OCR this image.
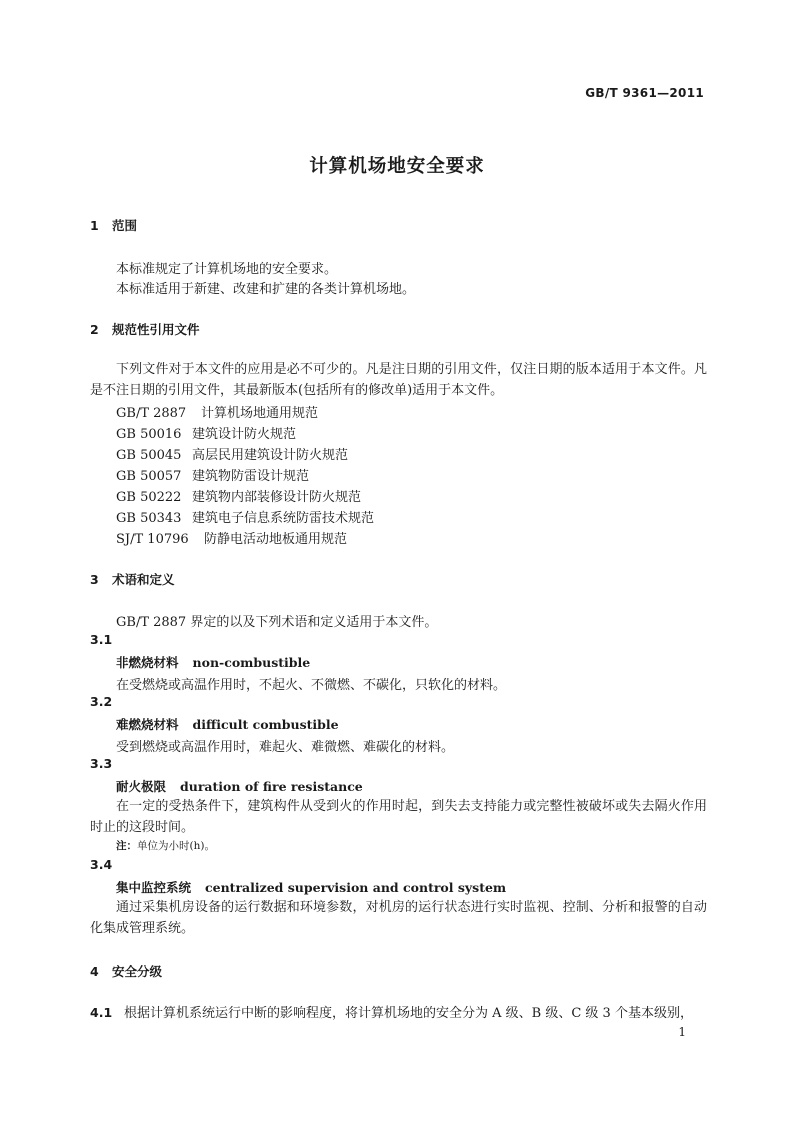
GB/T 9361—2011
计算机场地安全要求
1 范围
本标准规定了计算机场地的安全要求。
本标准适用于新建、改建和扩建的各类计算机场地。
2 规范性引用文件
下列文件对于本文件的应用是必不可少的。凡是注日期的引用文件，仅注日期的版本适用于本文件。凡是不注日期的引用文件，其最新版本(包括所有的修改单)适用于本文件。
GB/T 2887 计算机场地通用规范
GB 50016 建筑设计防火规范
GB 50045 高层民用建筑设计防火规范
GB 50057 建筑物防雷设计规范
GB 50222 建筑物内部装修设计防火规范
GB 50343 建筑电子信息系统防雷技术规范
SJ/T 10796 防静电活动地板通用规范
3 术语和定义
GB/T 2887 界定的以及下列术语和定义适用于本文件。
3.1
非燃烧材料 non-combustible
在受燃烧或高温作用时，不起火、不微燃、不碳化，只软化的材料。
3.2
难燃烧材料 difficult combustible
受到燃烧或高温作用时，难起火、难微燃、难碳化的材料。
3.3
耐火极限 duration of fire resistance
在一定的受热条件下，建筑构件从受到火的作用时起，到失去支持能力或完整性被破坏或失去隔火作用时止的这段时间。
注：单位为小时(h)。
3.4
集中监控系统 centralized supervision and control system
通过采集机房设备的运行数据和环境参数，对机房的运行状态进行实时监视、控制、分析和报警的自动化集成管理系统。
4 安全分级
4.1 根据计算机系统运行中断的影响程度，将计算机场地的安全分为 A 级、B 级、C 级 3 个基本级别，
1
